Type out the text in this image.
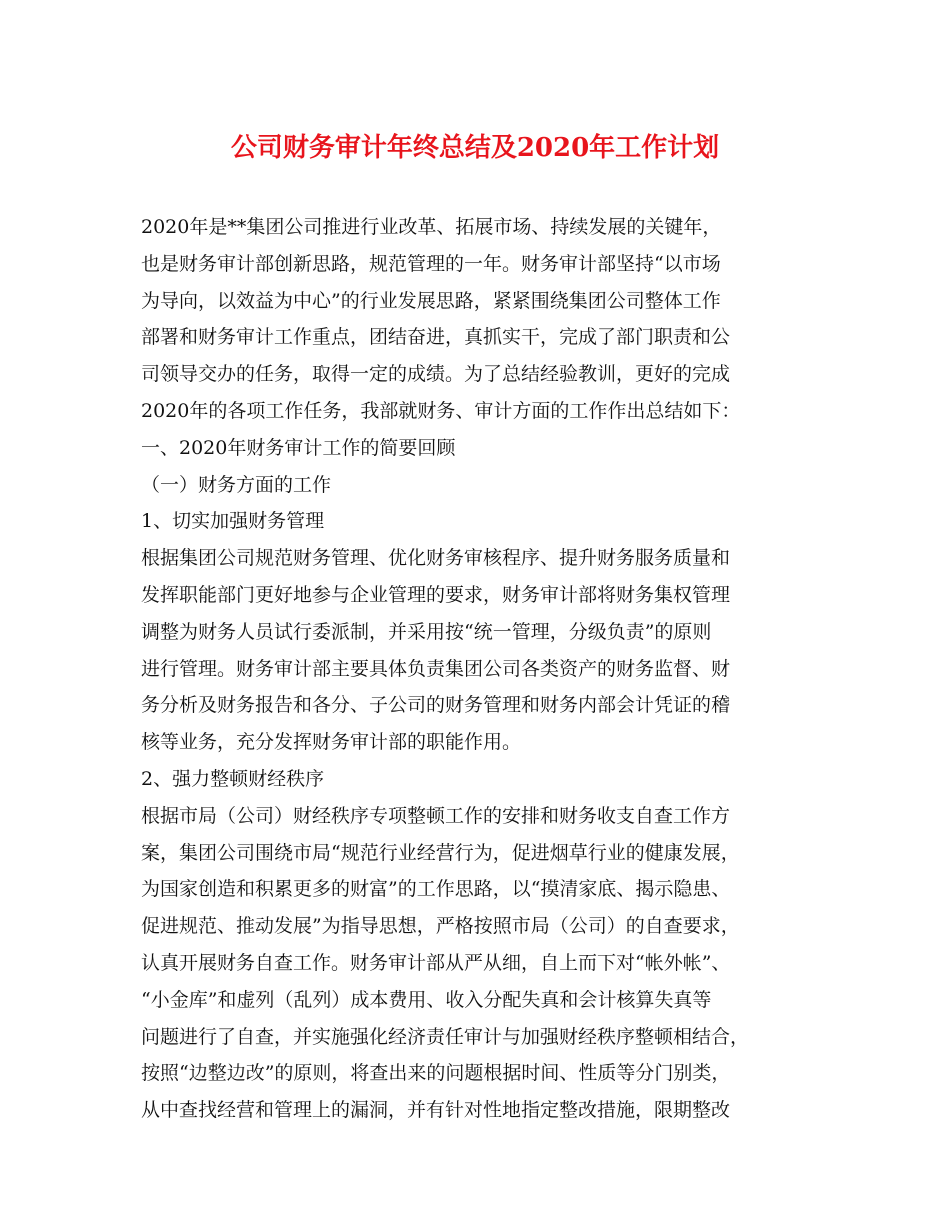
公司财务审计年终总结及2020年工作计划
2020年是**集团公司推进行业改革、拓展市场、持续发展的关键年，
也是财务审计部创新思路，规范管理的一年。财务审计部坚持“以市场
为导向，以效益为中心”的行业发展思路，紧紧围绕集团公司整体工作
部署和财务审计工作重点，团结奋进，真抓实干，完成了部门职责和公
司领导交办的任务，取得一定的成绩。为了总结经验教训，更好的完成
2020年的各项工作任务，我部就财务、审计方面的工作作出总结如下：
一、2020年财务审计工作的简要回顾
（一）财务方面的工作
1、切实加强财务管理
根据集团公司规范财务管理、优化财务审核程序、提升财务服务质量和
发挥职能部门更好地参与企业管理的要求，财务审计部将财务集权管理
调整为财务人员试行委派制，并采用按“统一管理，分级负责”的原则
进行管理。财务审计部主要具体负责集团公司各类资产的财务监督、财
务分析及财务报告和各分、子公司的财务管理和财务内部会计凭证的稽
核等业务，充分发挥财务审计部的职能作用。
2、强力整顿财经秩序
根据市局（公司）财经秩序专项整顿工作的安排和财务收支自查工作方
案，集团公司围绕市局“规范行业经营行为，促进烟草行业的健康发展，
为国家创造和积累更多的财富”的工作思路，以“摸清家底、揭示隐患、
促进规范、推动发展”为指导思想，严格按照市局（公司）的自查要求，
认真开展财务自查工作。财务审计部从严从细，自上而下对“帐外帐”、
“小金库”和虚列（乱列）成本费用、收入分配失真和会计核算失真等
问题进行了自查，并实施强化经济责任审计与加强财经秩序整顿相结合，
按照“边整边改”的原则，将查出来的问题根据时间、性质等分门别类，
从中查找经营和管理上的漏洞，并有针对性地指定整改措施，限期整改
